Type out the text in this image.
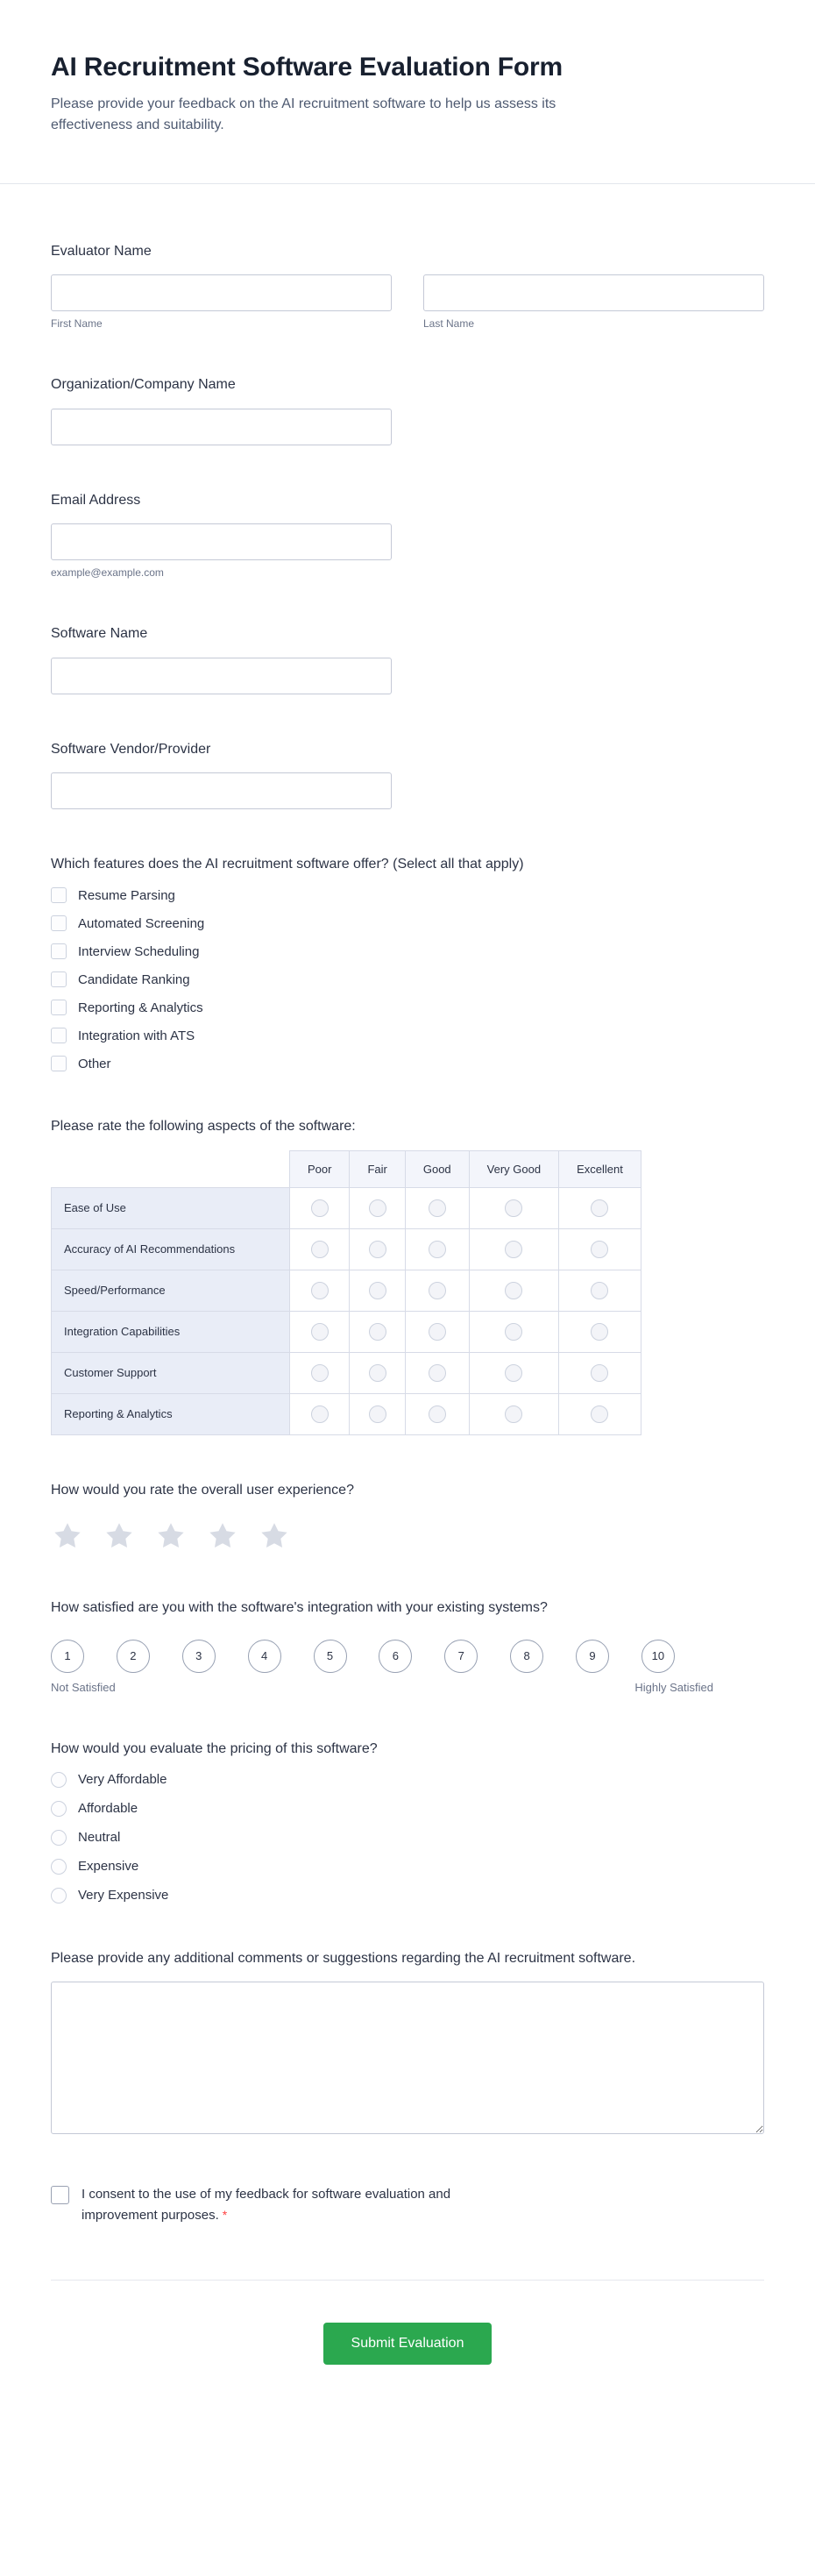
AI Recruitment Software Evaluation Form

Please provide your feedback on the AI recruitment software to help us assess its effectiveness and suitability.

Evaluator Name
First Name	Last Name
Organization/Company Name
Email Address
example@example.com
Software Name
Software Vendor/Provider
Which features does the AI recruitment software offer? (Select all that apply)
Resume Parsing
Automated Screening
Interview Scheduling
Candidate Ranking
Reporting & Analytics
Integration with ATS
Other
Please rate the following aspects of the software:
	Poor	Fair	Good	Very Good	Excellent
Ease of Use					
Accuracy of AI Recommendations					
Speed/Performance					
Integration Capabilities					
Customer Support					
Reporting & Analytics					
How would you rate the overall user experience?
How satisfied are you with the software's integration with your existing systems?
1	2	3	4	5	6	7	8	9	10
Not Satisfied	Highly Satisfied
How would you evaluate the pricing of this software?
Very Affordable
Affordable
Neutral
Expensive
Very Expensive
Please provide any additional comments or suggestions regarding the AI recruitment software.
I consent to the use of my feedback for software evaluation and improvement purposes. *
Submit Evaluation
